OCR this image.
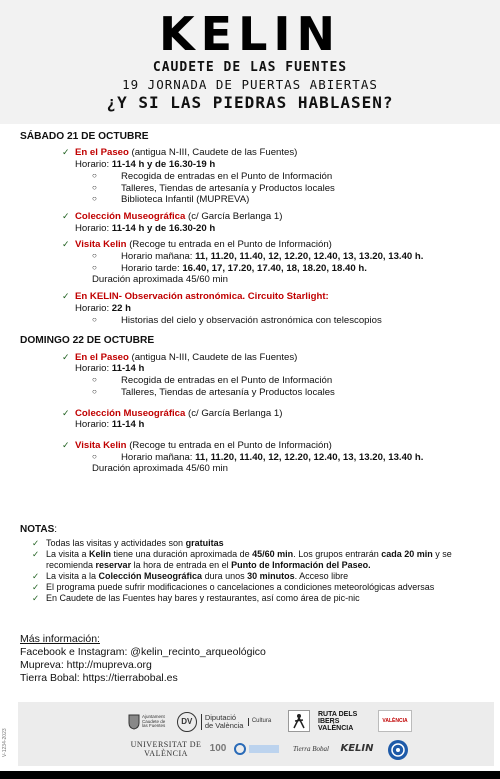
KELIN
CAUDETE DE LAS FUENTES
19 JORNADA DE PUERTAS ABIERTAS
¿Y SI LAS PIEDRAS HABLASEN?
SÁBADO 21 DE OCTUBRE
✓ En el Paseo (antigua N-III, Caudete de las Fuentes)
Horario: 11-14 h y de 16.30-19 h
○	Recogida de entradas en el Punto de Información
○	Talleres, Tiendas de artesanía y Productos locales
○	Biblioteca Infantil (MUPREVA)
✓ Colección Museográfica (c/ García Berlanga 1)
Horario: 11-14 h y de 16.30-20 h
✓ Visita Kelin (Recoge tu entrada en el Punto de Información)
○	Horario mañana: 11, 11.20, 11.40, 12, 12.20, 12.40, 13, 13.20, 13.40 h.
○	Horario tarde: 16.40, 17, 17.20, 17.40, 18, 18.20, 18.40 h.
Duración aproximada 45/60 min
✓ En KELIN- Observación astronómica. Circuito Starlight:
Horario: 22 h
○	Historias del cielo y observación astronómica con telescopios
DOMINGO 22 DE OCTUBRE
✓ En el Paseo (antigua N-III, Caudete de las Fuentes)
Horario: 11-14 h
○	Recogida de entradas en el Punto de Información
○	Talleres, Tiendas de artesanía y Productos locales
✓ Colección Museográfica (c/ García Berlanga 1)
Horario: 11-14 h
✓ Visita Kelin (Recoge tu entrada en el Punto de Información)
○	Horario mañana: 11, 11.20, 11.40, 12, 12.20, 12.40, 13, 13.20, 13.40 h.
Duración aproximada 45/60 min
NOTAS:
✓ Todas las visitas y actividades son gratuitas
✓ La visita a Kelin tiene una duración aproximada de 45/60 min. Los grupos entrarán cada 20 min y se recomienda reservar la hora de entrada en el Punto de Información del Paseo.
✓ La visita a la Colección Museográfica dura unos 30 minutos. Acceso libre
✓ El programa puede sufrir modificaciones o cancelaciones a condiciones meteorológicas adversas
✓ En Caudete de las Fuentes hay bares y restaurantes, así como área de pic-nic
Más información:
Facebook e Instagram: @kelin_recinto_arqueológico
Mupreva: http://mupreva.org
Tierra Bobal: https://tierrabobal.es
V-1234-2023
Ajuntament Caudete de las Fuentes	DV	Diputació de València	Cultura
RUTA DELS IBERS VALÈNCIA
VALÈNCIA
UNIVERSITAT DE VALÈNCIA	100	Tierra Bobal KELIN
